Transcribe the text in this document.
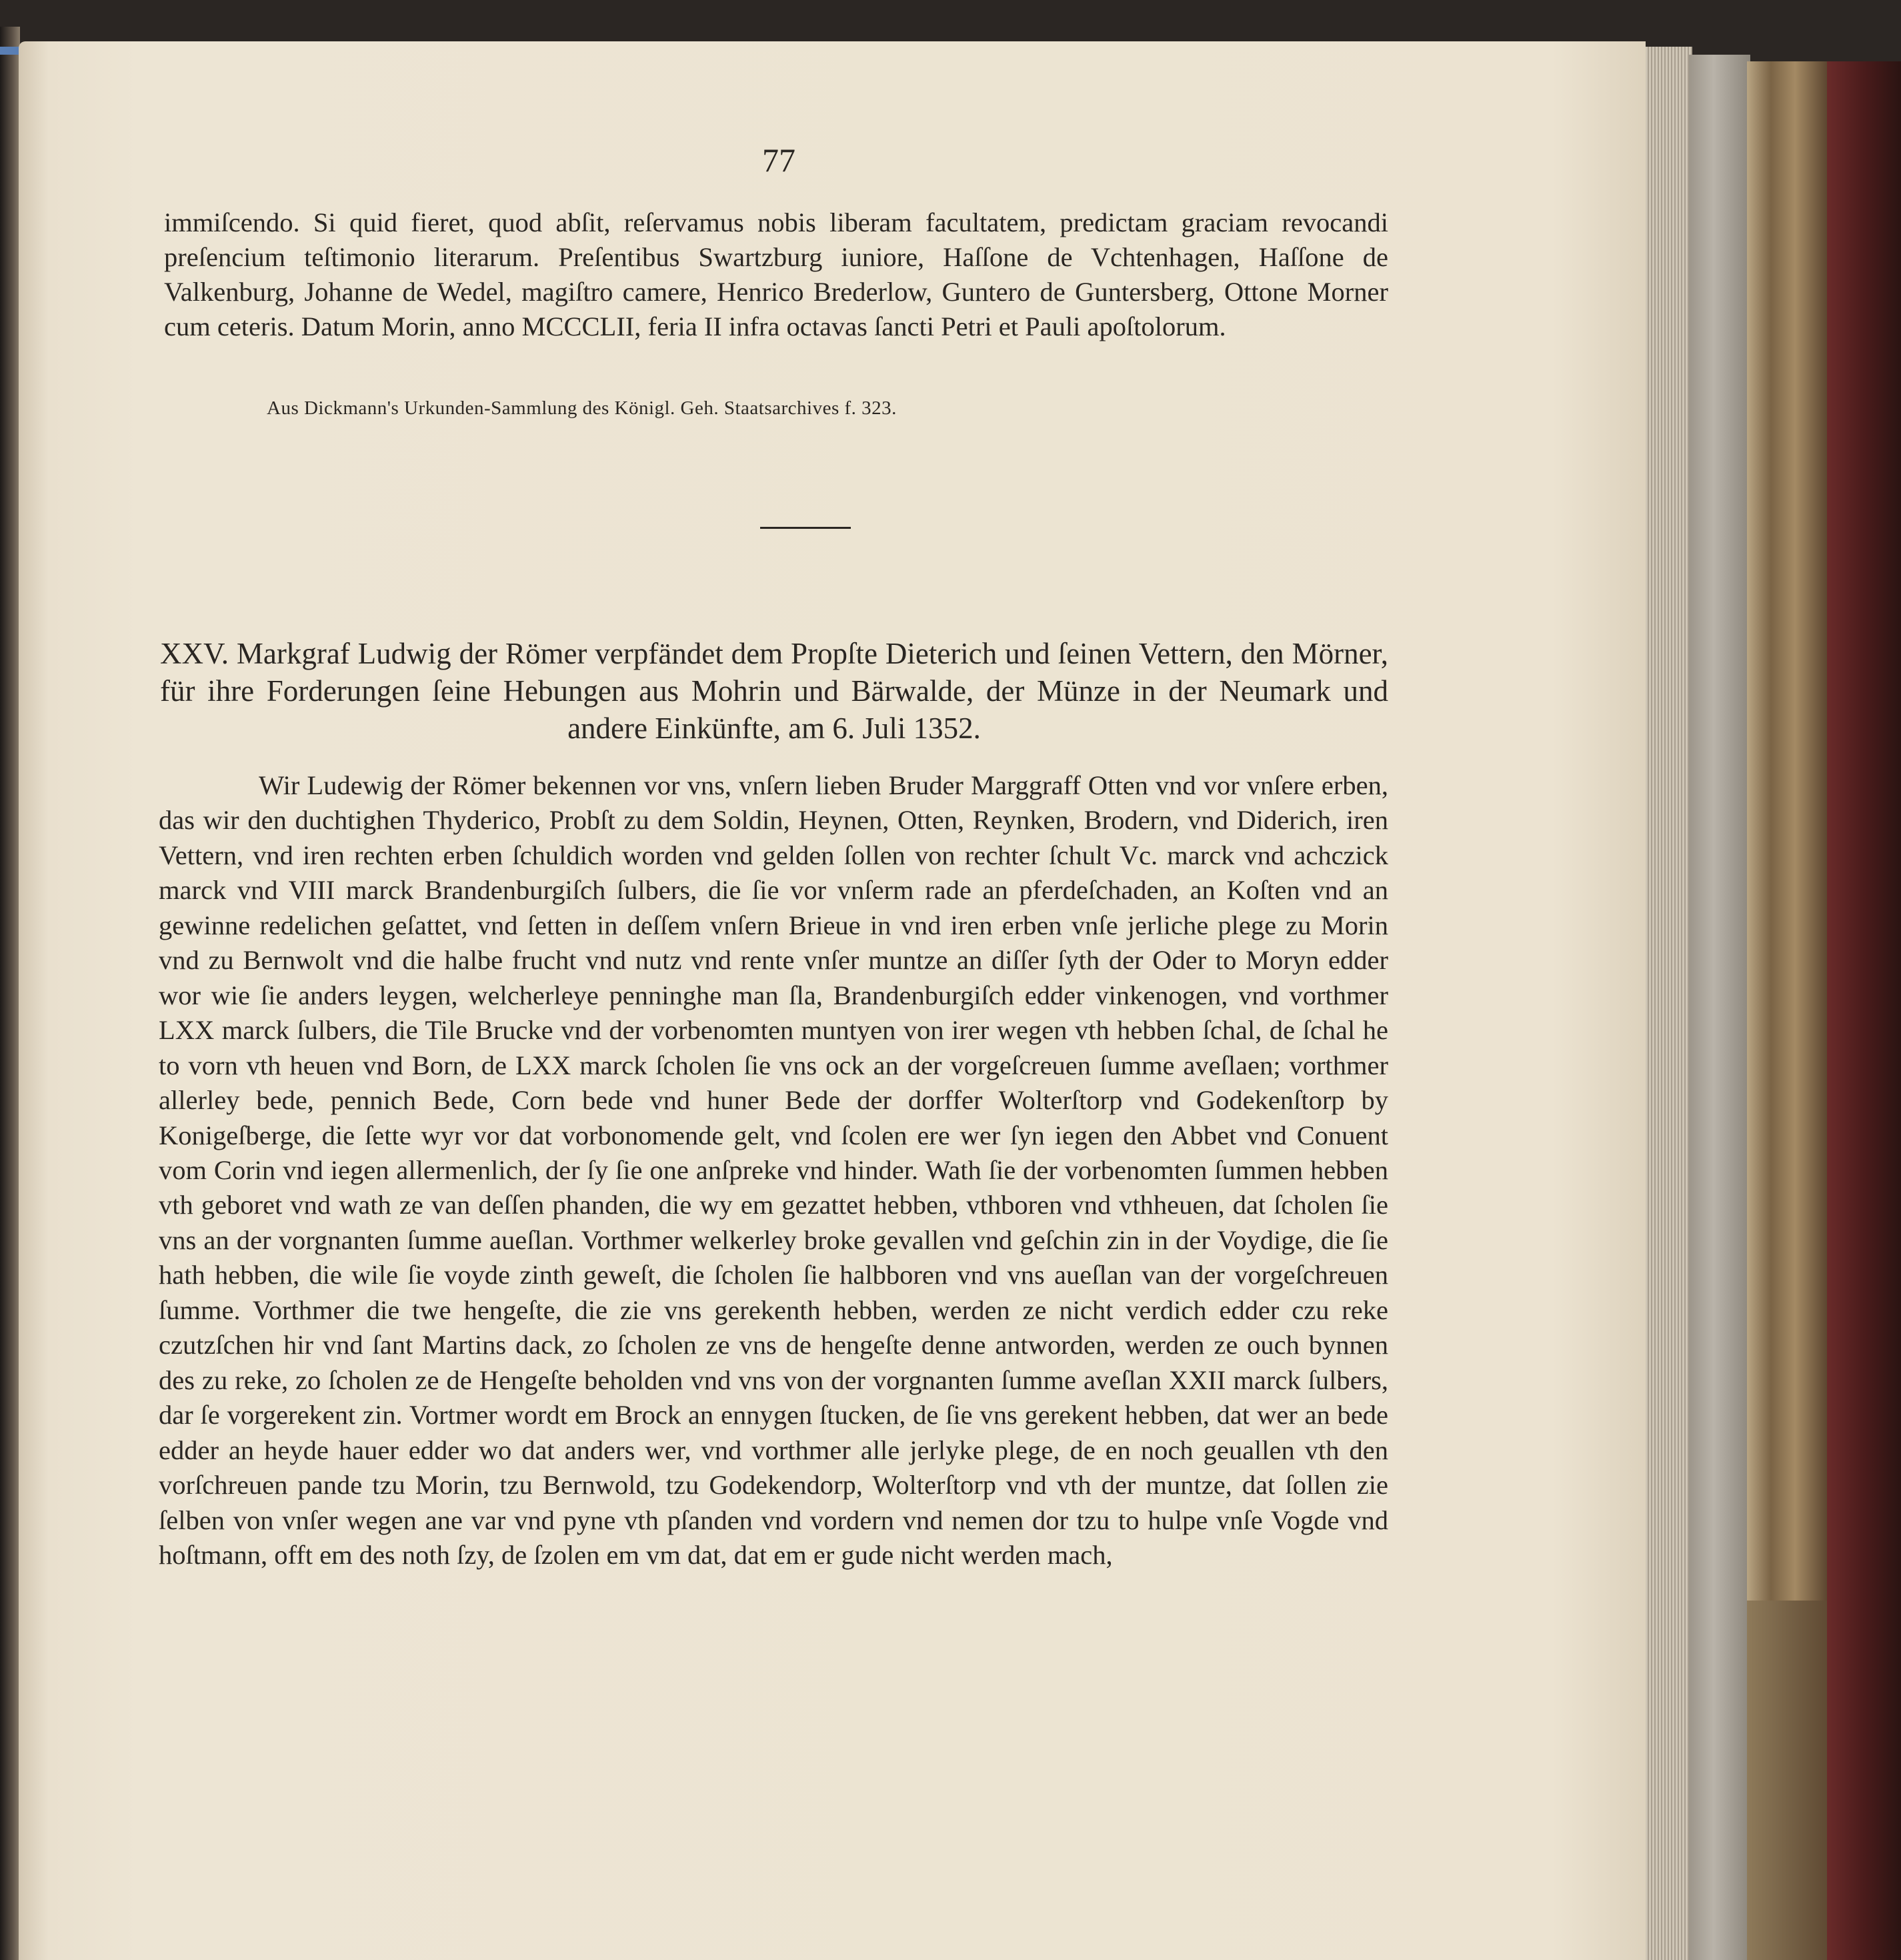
77
immiſcendo. Si quid fieret, quod abſit, reſervamus nobis liberam facultatem, predictam graciam revocandi preſencium teſtimonio literarum. Preſentibus Swartzburg iuniore, Haſſone de Vchtenhagen, Haſſone de Valkenburg, Johanne de Wedel, magiſtro camere, Henrico Brederlow, Guntero de Guntersberg, Ottone Morner cum ceteris. Datum Morin, anno MCCCLII, feria II infra octavas ſancti Petri et Pauli apoſtolorum.
Aus Dickmann's Urkunden-Sammlung des Königl. Geh. Staatsarchives f. 323.
XXV. Markgraf Ludwig der Römer verpfändet dem Propſte Dieterich und ſeinen Vettern, den Mörner, für ihre Forderungen ſeine Hebungen aus Mohrin und Bärwalde, der Münze in der Neumark und andere Einkünfte, am 6. Juli 1352.
Wir Ludewig der Römer bekennen vor vns, vnſern lieben Bruder Marggraff Otten vnd vor vnſere erben, das wir den duchtighen Thyderico, Probſt zu dem Soldin, Heynen, Otten, Reynken, Brodern, vnd Diderich, iren Vettern, vnd iren rechten erben ſchuldich worden vnd gelden ſollen von rechter ſchult Vc. marck vnd achczick marck vnd VIII marck Brandenburgiſch ſulbers, die ſie vor vnſerm rade an pferdeſchaden, an Koſten vnd an gewinne redelichen geſattet, vnd ſetten in deſſem vnſern Brieue in vnd iren erben vnſe jerliche plege zu Morin vnd zu Bernwolt vnd die halbe frucht vnd nutz vnd rente vnſer muntze an diſſer ſyth der Oder to Moryn edder wor wie ſie anders leygen, welcherleye penninghe man ſla, Brandenburgiſch edder vinkenogen, vnd vorthmer LXX marck ſulbers, die Tile Brucke vnd der vorbenomten muntyen von irer wegen vth hebben ſchal, de ſchal he to vorn vth heuen vnd Born, de LXX marck ſcholen ſie vns ock an der vorgeſcreuen ſumme aveſlaen; vorthmer allerley bede, pennich Bede, Corn bede vnd huner Bede der dorffer Wolterſtorp vnd Godekenſtorp by Konigeſberge, die ſette wyr vor dat vorbonomende gelt, vnd ſcolen ere wer ſyn iegen den Abbet vnd Conuent vom Corin vnd iegen allermenlich, der ſy ſie one anſpreke vnd hinder. Wath ſie der vorbenomten ſummen hebben vth geboret vnd wath ze van deſſen phanden, die wy em gezattet hebben, vthboren vnd vthheuen, dat ſcholen ſie vns an der vorgnanten ſumme aueſlan. Vorthmer welkerley broke gevallen vnd geſchin zin in der Voydige, die ſie hath hebben, die wile ſie voyde zinth geweſt, die ſcholen ſie halbboren vnd vns aueſlan van der vorgeſchreuen ſumme. Vorthmer die twe hengeſte, die zie vns gerekenth hebben, werden ze nicht verdich edder czu reke czutzſchen hir vnd ſant Martins dack, zo ſcholen ze vns de hengeſte denne antworden, werden ze ouch bynnen des zu reke, zo ſcholen ze de Hengeſte beholden vnd vns von der vorgnanten ſumme aveſlan XXII marck ſulbers, dar ſe vorgerekent zin. Vortmer wordt em Brock an ennygen ſtucken, de ſie vns gerekent hebben, dat wer an bede edder an heyde hauer edder wo dat anders wer, vnd vorthmer alle jerlyke plege, de en noch geuallen vth den vorſchreuen pande tzu Morin, tzu Bernwold, tzu Godekendorp, Wolterſtorp vnd vth der muntze, dat ſollen zie ſelben von vnſer wegen ane var vnd pyne vth pſanden vnd vordern vnd nemen dor tzu to hulpe vnſe Vogde vnd hoſtmann, offt em des noth ſzy, de ſzolen em vm dat, dat em er gude nicht werden mach,
